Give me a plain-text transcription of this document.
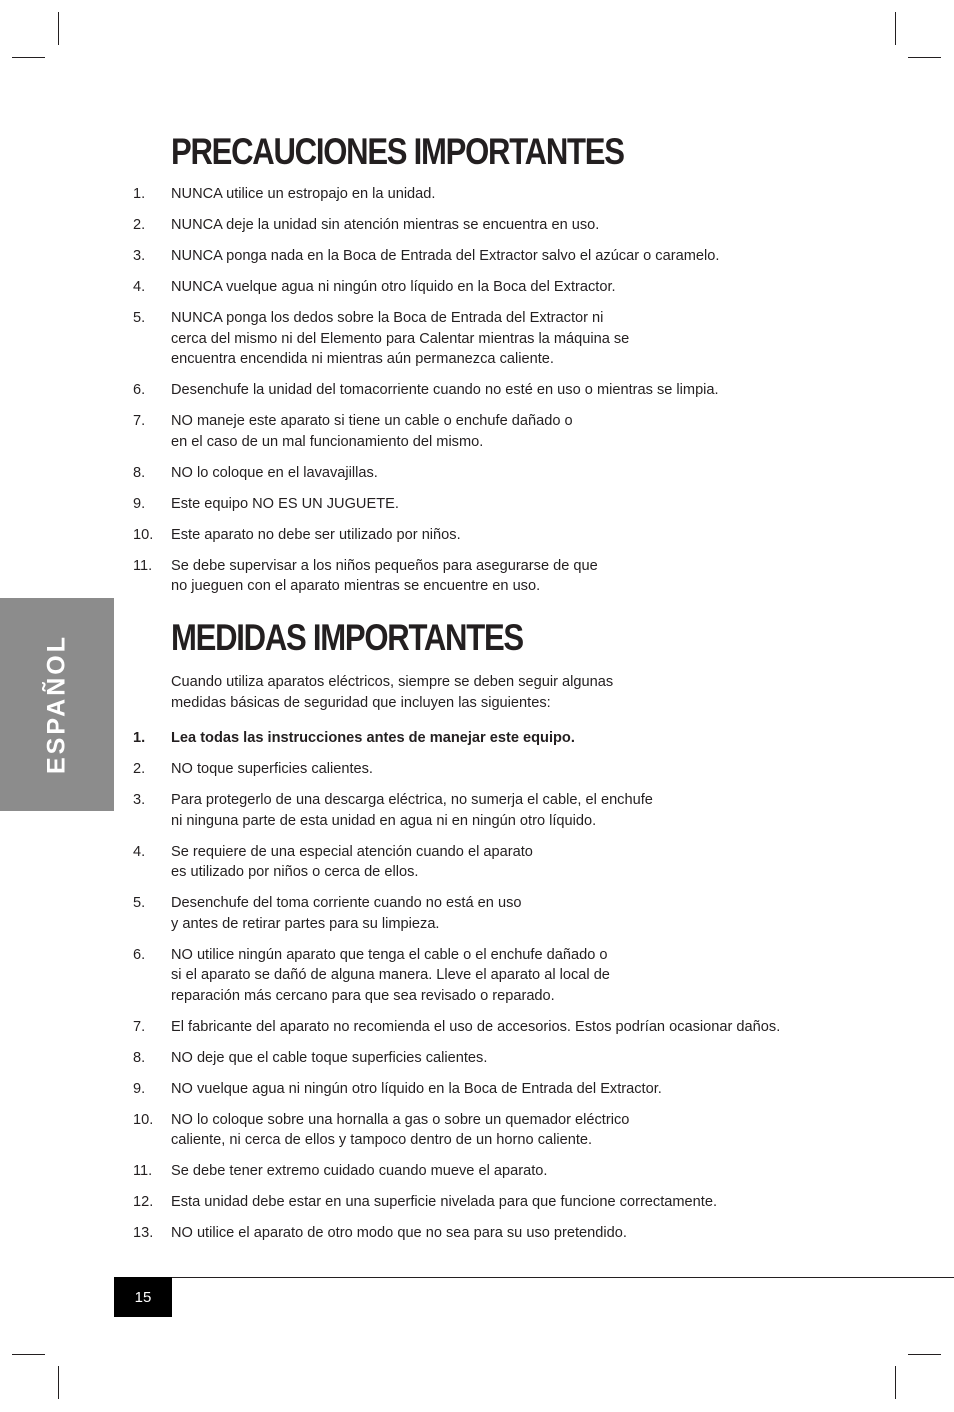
PRECAUCIONES IMPORTANTES
1. NUNCA utilice un estropajo en la unidad.
2. NUNCA deje la unidad sin atención mientras se encuentra en uso.
3. NUNCA ponga nada en la Boca de Entrada del Extractor salvo el azúcar o caramelo.
4. NUNCA vuelque agua ni ningún otro líquido en la Boca del Extractor.
5. NUNCA ponga los dedos sobre la Boca de Entrada del Extractor ni
cerca del mismo ni del Elemento para Calentar mientras la máquina se
encuentra encendida ni mientras aún permanezca caliente.
6. Desenchufe la unidad del tomacorriente cuando no esté en uso o mientras se limpia.
7. NO maneje este aparato si tiene un cable o enchufe dañado o
en el caso de un mal funcionamiento del mismo.
8. NO lo coloque en el lavavajillas.
9. Este equipo NO ES UN JUGUETE.
10. Este aparato no debe ser utilizado por niños.
11. Se debe supervisar a los niños pequeños para asegurarse de que
no jueguen con el aparato mientras se encuentre en uso.
ESPAÑOL	MEDIDAS IMPORTANTES

Cuando utiliza aparatos eléctricos, siempre se deben seguir algunas
medidas básicas de seguridad que incluyen las siguientes:

1. Lea todas las instrucciones antes de manejar este equipo.
2. NO toque superficies calientes.
3. Para protegerlo de una descarga eléctrica, no sumerja el cable, el enchufe
ni ninguna parte de esta unidad en agua ni en ningún otro líquido.
4. Se requiere de una especial atención cuando el aparato
es utilizado por niños o cerca de ellos.
5. Desenchufe del toma corriente cuando no está en uso
y antes de retirar partes para su limpieza.
6. NO utilice ningún aparato que tenga el cable o el enchufe dañado o
si el aparato se dañó de alguna manera. Lleve el aparato al local de
reparación más cercano para que sea revisado o reparado.
7. El fabricante del aparato no recomienda el uso de accesorios. Estos podrían ocasionar daños.
8. NO deje que el cable toque superficies calientes.
9. NO vuelque agua ni ningún otro líquido en la Boca de Entrada del Extractor.
10. NO lo coloque sobre una hornalla a gas o sobre un quemador eléctrico
caliente, ni cerca de ellos y tampoco dentro de un horno caliente.
11. Se debe tener extremo cuidado cuando mueve el aparato.
12. Esta unidad debe estar en una superficie nivelada para que funcione correctamente.
13. NO utilice el aparato de otro modo que no sea para su uso pretendido.
15
